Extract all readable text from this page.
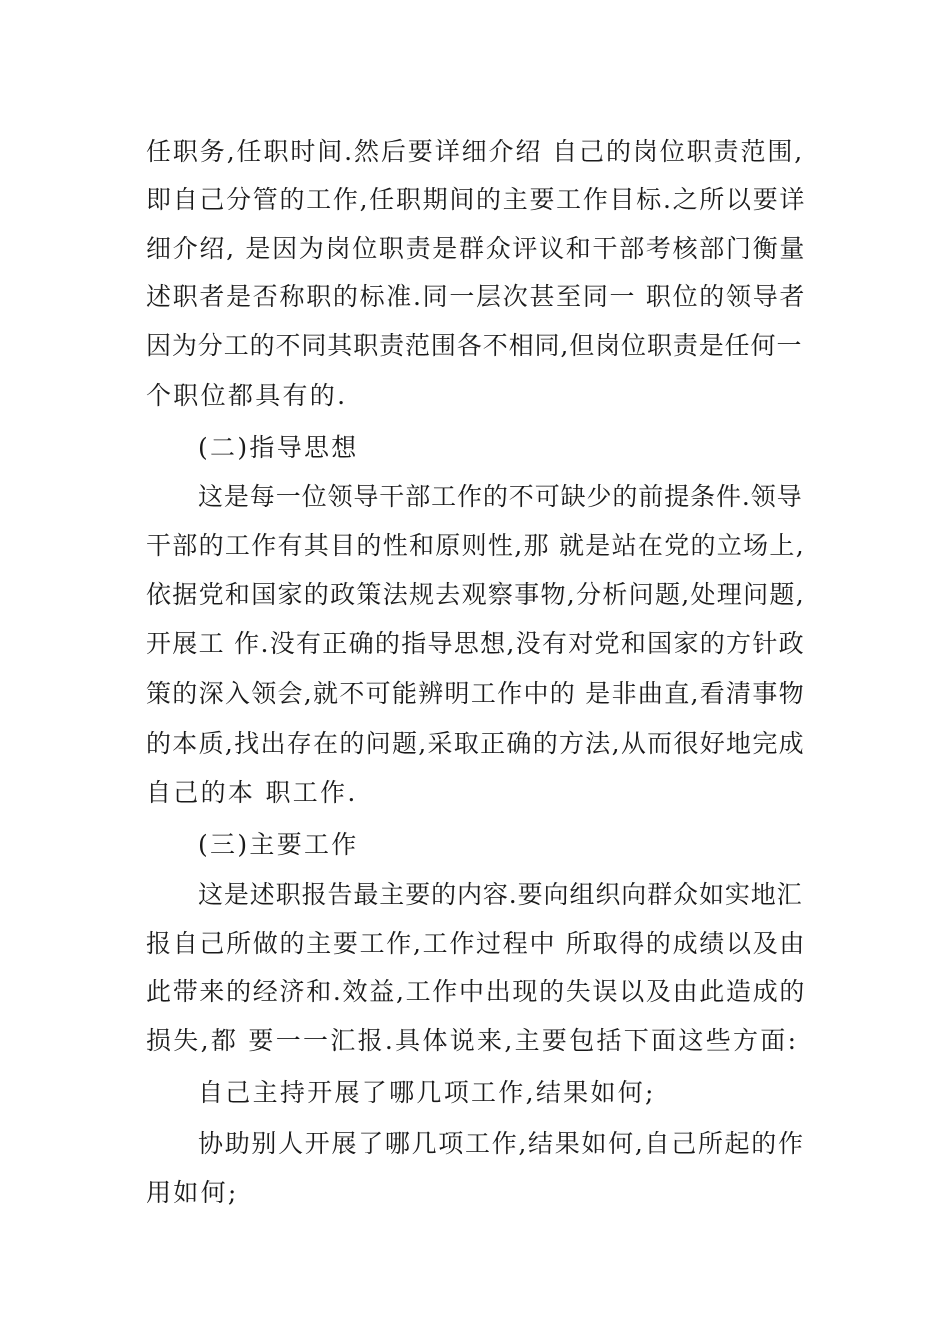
任职务,任职时间.然后要详细介绍 自己的岗位职责范围,
即自己分管的工作,任职期间的主要工作目标.之所以要详
细介绍, 是因为岗位职责是群众评议和干部考核部门衡量
述职者是否称职的标准.同一层次甚至同一 职位的领导者
因为分工的不同其职责范围各不相同,但岗位职责是任何一
个职位都具有的.
(二)指导思想
这是每一位领导干部工作的不可缺少的前提条件.领导
干部的工作有其目的性和原则性,那 就是站在党的立场上,
依据党和国家的政策法规去观察事物,分析问题,处理问题,
开展工 作.没有正确的指导思想,没有对党和国家的方针政
策的深入领会,就不可能辨明工作中的 是非曲直,看清事物
的本质,找出存在的问题,采取正确的方法,从而很好地完成
自己的本 职工作.
(三)主要工作
这是述职报告最主要的内容.要向组织向群众如实地汇
报自己所做的主要工作,工作过程中 所取得的成绩以及由
此带来的经济和.效益,工作中出现的失误以及由此造成的
损失,都 要一一汇报.具体说来,主要包括下面这些方面:
自己主持开展了哪几项工作,结果如何;
协助别人开展了哪几项工作,结果如何,自己所起的作
用如何;
